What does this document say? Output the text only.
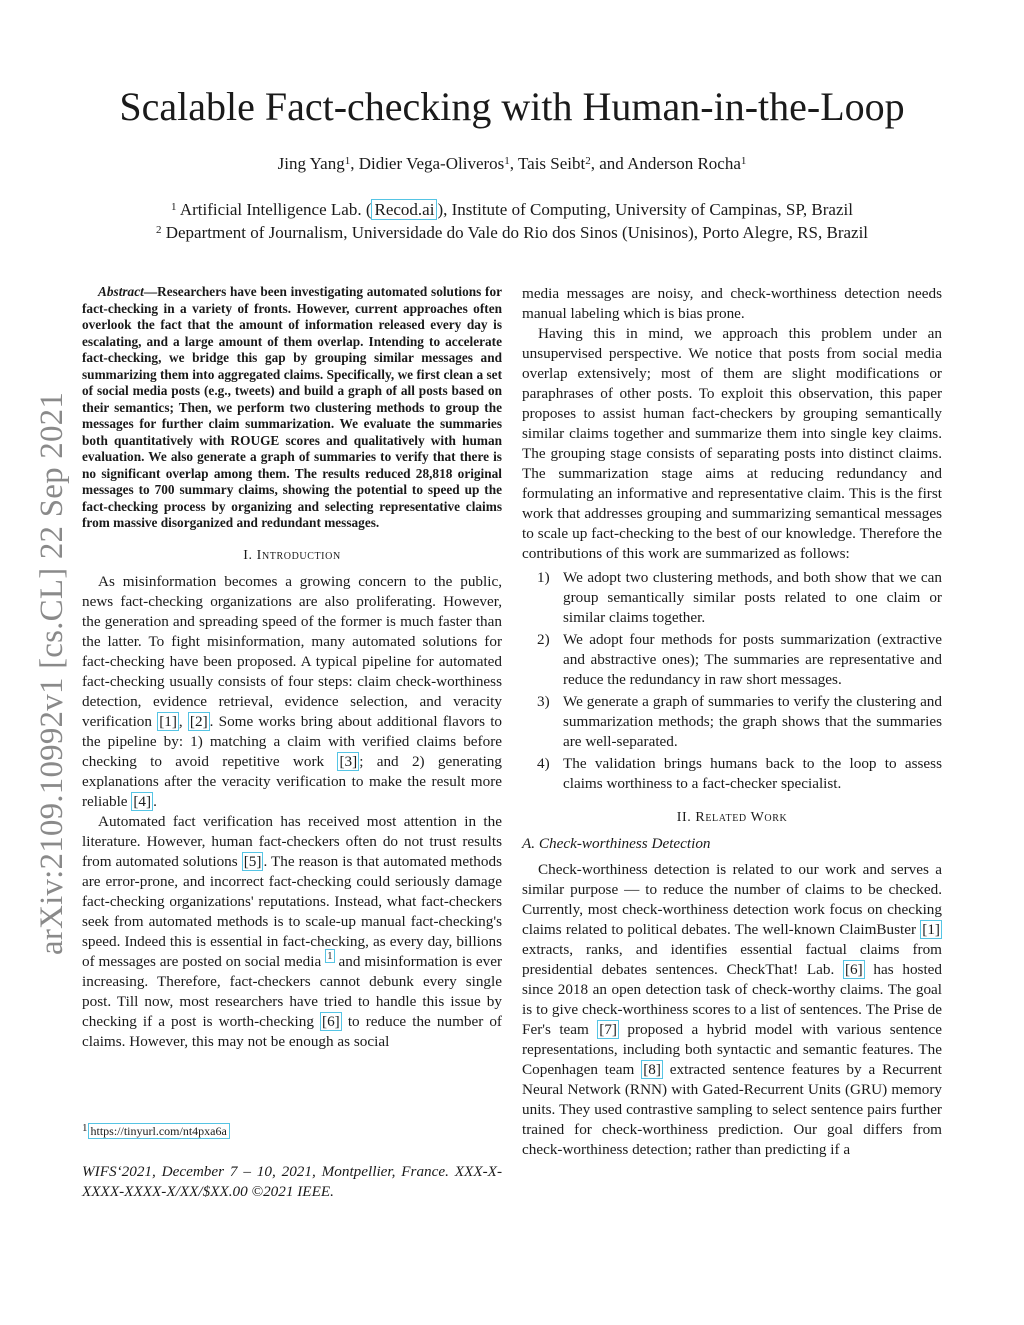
Scalable Fact-checking with Human-in-the-Loop
Jing Yang$^1$, Didier Vega-Oliveros$^1$, Tais Seibt$^2$, and Anderson Rocha$^1$
$^1$ Artificial Intelligence Lab. ( Recod.ai ), Institute of Computing, University of Campinas, SP, Brazil
$^2$ Department of Journalism, Universidade do Vale do Rio dos Sinos (Unisinos), Porto Alegre, RS, Brazil
arXiv:2109.10992v1 [cs.CL] 22 Sep 2021

Abstract—Researchers have been investigating automated solutions for fact-checking in a variety of fronts. However, current approaches often overlook the fact that the amount of information released every day is escalating, and a large amount of them overlap. Intending to accelerate fact-checking, we bridge this gap by grouping similar messages and summarizing them into aggregated claims. Specifically, we first clean a set of social media posts (e.g., tweets) and build a graph of all posts based on their semantics; Then, we perform two clustering methods to group the messages for further claim summarization. We evaluate the summaries both quantitatively with ROUGE scores and qualitatively with human evaluation. We also generate a graph of summaries to verify that there is no significant overlap among them. The results reduced 28,818 original messages to 700 summary claims, showing the potential to speed up the fact-checking process by organizing and selecting representative claims from massive disorganized and redundant messages.

I. Introduction

As misinformation becomes a growing concern to the public, news fact-checking organizations are also proliferating. However, the generation and spreading speed of the former is much faster than the latter. To fight misinformation, many automated solutions for fact-checking have been proposed. A typical pipeline for automated fact-checking usually consists of four steps: claim check-worthiness detection, evidence retrieval, evidence selection, and veracity verification [1] , [2] . Some works bring about additional flavors to the pipeline by: 1) matching a claim with verified claims before checking to avoid repetitive work [3] ; and 2) generating explanations after the veracity verification to make the result more reliable [4] .

Automated fact verification has received most attention in the literature. However, human fact-checkers often do not trust results from automated solutions [5] . The reason is that automated methods are error-prone, and incorrect fact-checking could seriously damage fact-checking organizations' reputations. Instead, what fact-checkers seek from automated methods is to scale-up manual fact-checking's speed. Indeed this is essential in fact-checking, as every day, billions of messages are posted on social media $^1$ and misinformation is ever increasing. Therefore, fact-checkers cannot debunk every single post. Till now, most researchers have tried to handle this issue by checking if a post is worth-checking [6] to reduce the number of claims. However, this may not be enough as social

$^1$ https://tinyurl.com/nt4pxa6a
WIFS‘2021, December 7 – 10, 2021, Montpellier, France. XXX-X-XXXX-XXXX-X/XX/$XX.00 ©2021 IEEE.

media messages are noisy, and check-worthiness detection needs manual labeling which is bias prone.

Having this in mind, we approach this problem under an unsupervised perspective. We notice that posts from social media overlap extensively; most of them are slight modifications or paraphrases of other posts. To exploit this observation, this paper proposes to assist human fact-checkers by grouping semantically similar claims together and summarize them into single key claims. The grouping stage consists of separating posts into distinct claims. The summarization stage aims at reducing redundancy and formulating an informative and representative claim. This is the first work that addresses grouping and summarizing semantical messages to scale up fact-checking to the best of our knowledge. Therefore the contributions of this work are summarized as follows:

1) We adopt two clustering methods, and both show that we can group semantically similar posts related to one claim or similar claims together.
2) We adopt four methods for posts summarization (extractive and abstractive ones); The summaries are representative and reduce the redundancy in raw short messages.
3) We generate a graph of summaries to verify the clustering and summarization methods; the graph shows that the summaries are well-separated.
4) The validation brings humans back to the loop to assess claims worthiness to a fact-checker specialist.
II. Related Work
A. Check-worthiness Detection

Check-worthiness detection is related to our work and serves a similar purpose — to reduce the number of claims to be checked. Currently, most check-worthiness detection work focus on checking claims related to political debates. The well-known ClaimBuster [1] extracts, ranks, and identifies essential factual claims from presidential debates sentences. CheckThat! Lab. [6] has hosted since 2018 an open detection task of check-worthy claims. The goal is to give check-worthiness scores to a list of sentences. The Prise de Fer's team [7] proposed a hybrid model with various sentence representations, including both syntactic and semantic features. The Copenhagen team [8] extracted sentence features by a Recurrent Neural Network (RNN) with Gated-Recurrent Units (GRU) memory units. They used contrastive sampling to select sentence pairs further trained for check-worthiness prediction. Our goal differs from check-worthiness detection; rather than predicting if a
